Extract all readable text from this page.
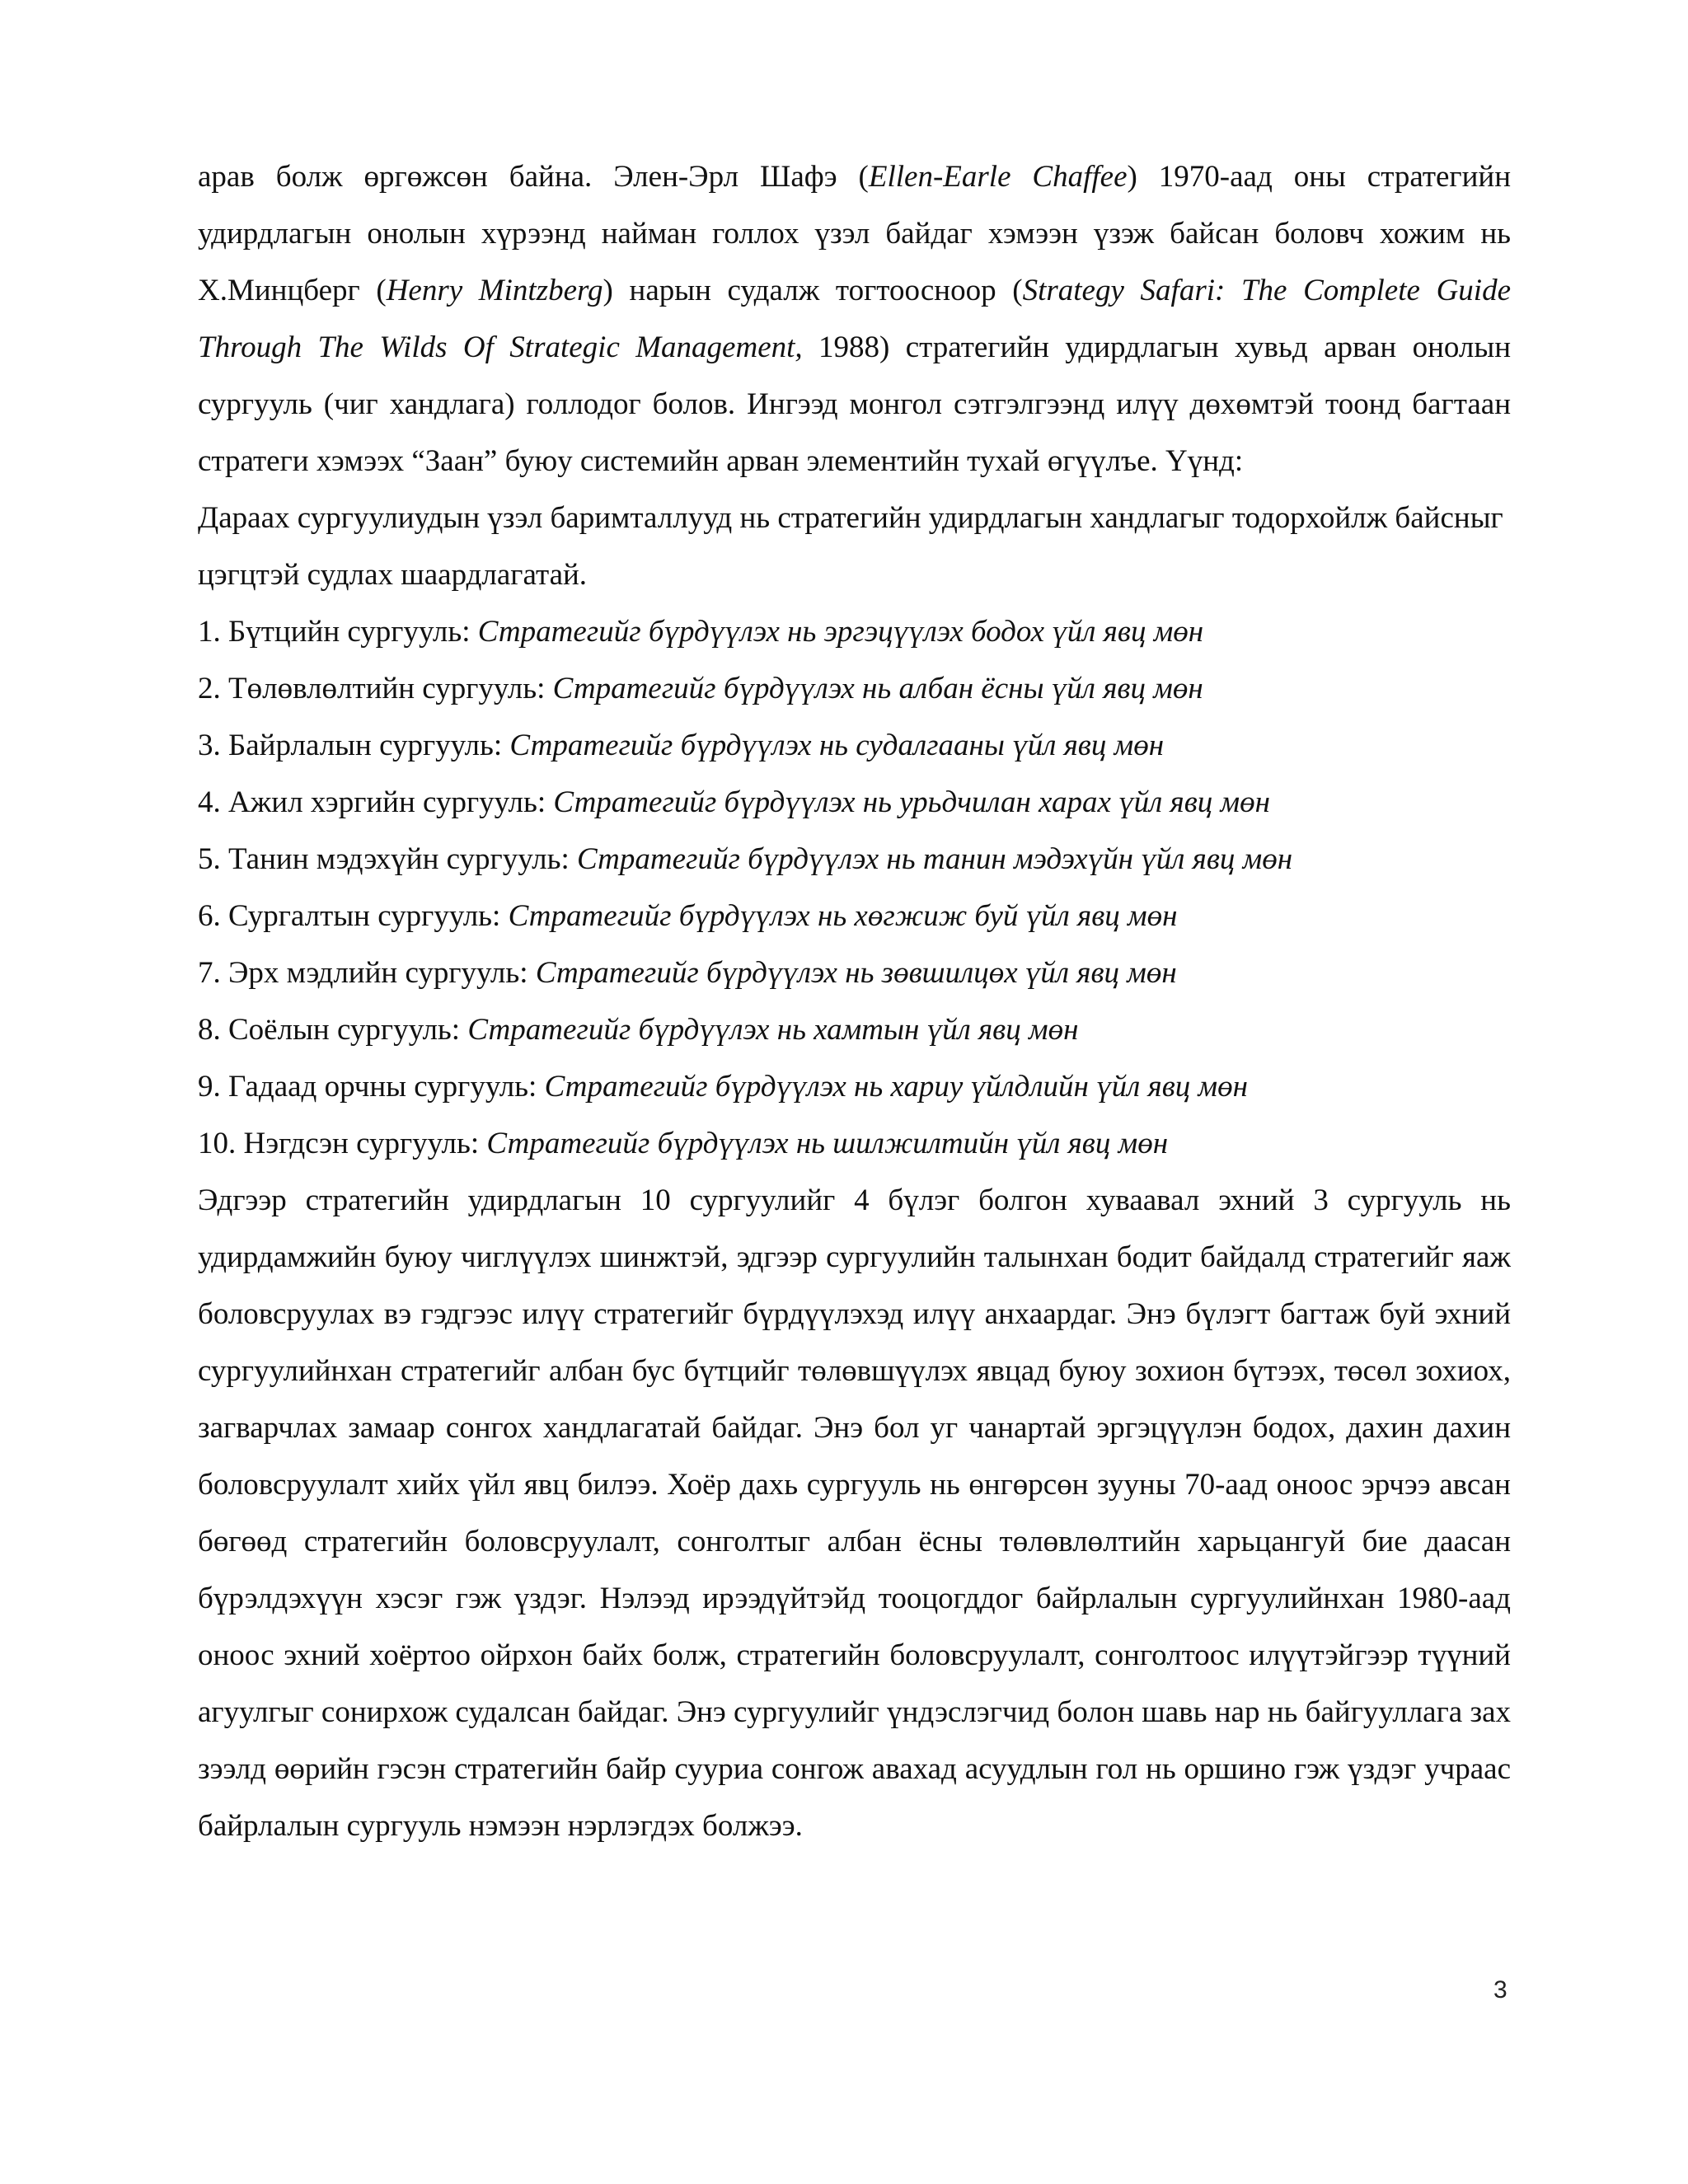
арав болж өргөжсөн байна. Элен-Эрл Шафэ (Ellen-Earle Chaffee) 1970-аад оны стратегийн удирдлагын онолын хүрээнд найман голлох үзэл байдаг хэмээн үзэж байсан боловч хожим нь Х.Минцберг (Henry Mintzberg) нарын судалж тогтоосноор (Strategy Safari: The Complete Guide Through The Wilds Of Strategic Management, 1988) стратегийн удирдлагын хувьд арван онолын сургууль (чиг хандлага) голлодог болов. Ингээд монгол сэтгэлгээнд илүү дөхөмтэй тоонд багтаан стратеги хэмээх “Заан” буюу системийн арван элементийн тухай өгүүлъе. Үүнд:

Дараах сургуулиудын үзэл баримталлууд нь стратегийн удирдлагын хандлагыг тодорхойлж байсныг цэгцтэй судлах шаардлагатай.

1. Бүтцийн сургууль: Стратегийг бүрдүүлэх нь эргэцүүлэх бодох үйл явц мөн
2. Төлөвлөлтийн сургууль: Стратегийг бүрдүүлэх нь албан ёсны үйл явц мөн
3. Байрлалын сургууль: Стратегийг бүрдүүлэх нь судалгааны үйл явц мөн
4. Ажил хэргийн сургууль: Стратегийг бүрдүүлэх нь урьдчилан харах үйл явц мөн
5. Танин мэдэхүйн сургууль: Стратегийг бүрдүүлэх нь танин мэдэхүйн үйл явц мөн
6. Сургалтын сургууль: Стратегийг бүрдүүлэх нь хөгжиж буй үйл явц мөн
7. Эрх мэдлийн сургууль: Стратегийг бүрдүүлэх нь зөвшилцөх үйл явц мөн
8. Соёлын сургууль: Стратегийг бүрдүүлэх нь хамтын үйл явц мөн
9. Гадаад орчны сургууль: Стратегийг бүрдүүлэх нь хариу үйлдлийн үйл явц мөн
10. Нэгдсэн сургууль: Стратегийг бүрдүүлэх нь шилжилтийн үйл явц мөн

Эдгээр стратегийн удирдлагын 10 сургуулийг 4 бүлэг болгон хуваавал эхний 3 сургууль нь удирдамжийн буюу чиглүүлэх шинжтэй, эдгээр сургуулийн талынхан бодит байдалд стратегийг яаж боловсруулах вэ гэдгээс илүү стратегийг бүрдүүлэхэд илүү анхаардаг. Энэ бүлэгт багтаж буй эхний сургуулийнхан стратегийг албан бус бүтцийг төлөвшүүлэх явцад буюу зохион бүтээх, төсөл зохиох, загварчлах замаар сонгох хандлагатай байдаг. Энэ бол уг чанартай эргэцүүлэн бодох, дахин дахин боловсруулалт хийх үйл явц билээ. Хоёр дахь сургууль нь өнгөрсөн зууны 70-аад оноос эрчээ авсан бөгөөд стратегийн боловсруулалт, сонголтыг албан ёсны төлөвлөлтийн харьцангуй бие даасан бүрэлдэхүүн хэсэг гэж үздэг. Нэлээд ирээдүйтэйд тооцогддог байрлалын сургуулийнхан 1980-аад оноос эхний хоёртоо ойрхон байх болж, стратегийн боловсруулалт, сонголтоос илүүтэйгээр түүний агуулгыг сонирхож судалсан байдаг. Энэ сургуулийг үндэслэгчид болон шавь нар нь байгууллага зах зээлд өөрийн гэсэн стратегийн байр сууриа сонгож авахад асуудлын гол нь оршино гэж үздэг учраас байрлалын сургууль нэмээн нэрлэгдэх болжээ.

3
